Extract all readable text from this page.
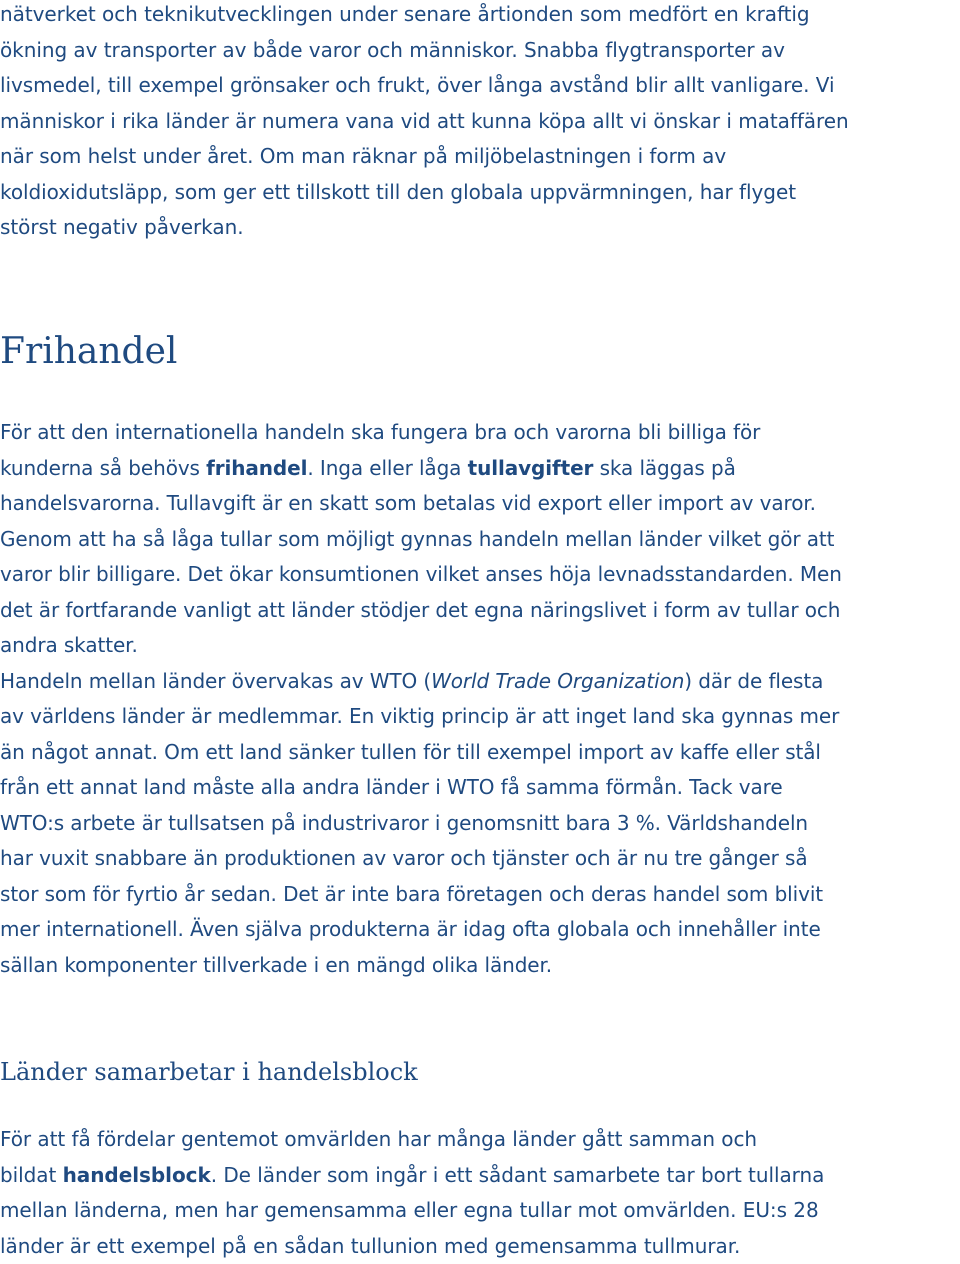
nätverket och teknikutvecklingen under senare årtionden som medfört en kraftig
ökning av transporter av både varor och människor. Snabba flygtransporter av
livsmedel, till exempel grönsaker och frukt, över långa avstånd blir allt vanligare. Vi
människor i rika länder är numera vana vid att kunna köpa allt vi önskar i mataffären
när som helst under året. Om man räknar på miljöbelastningen i form av
koldioxidutsläpp, som ger ett tillskott till den globala uppvärmningen, har flyget
störst negativ påverkan.

Frihandel

För att den internationella handeln ska fungera bra och varorna bli billiga för
kunderna så behövs frihandel. Inga eller låga tullavgifter ska läggas på
handelsvarorna. Tullavgift är en skatt som betalas vid export eller import av varor.
Genom att ha så låga tullar som möjligt gynnas handeln mellan länder vilket gör att
varor blir billigare. Det ökar konsumtionen vilket anses höja levnadsstandarden. Men
det är fortfarande vanligt att länder stödjer det egna näringslivet i form av tullar och
andra skatter.
Handeln mellan länder övervakas av WTO (World Trade Organization) där de flesta
av världens länder är medlemmar. En viktig princip är att inget land ska gynnas mer
än något annat. Om ett land sänker tullen för till exempel import av kaffe eller stål
från ett annat land måste alla andra länder i WTO få samma förmån. Tack vare
WTO:s arbete är tullsatsen på industrivaror i genomsnitt bara 3 %. Världshandeln
har vuxit snabbare än produktionen av varor och tjänster och är nu tre gånger så
stor som för fyrtio år sedan. Det är inte bara företagen och deras handel som blivit
mer internationell. Även själva produkterna är idag ofta globala och innehåller inte
sällan komponenter tillverkade i en mängd olika länder.

Länder samarbetar i handelsblock

För att få fördelar gentemot omvärlden har många länder gått samman och
bildat handelsblock. De länder som ingår i ett sådant samarbete tar bort tullarna
mellan länderna, men har gemensamma eller egna tullar mot omvärlden. EU:s 28
länder är ett exempel på en sådan tullunion med gemensamma tullmurar.
